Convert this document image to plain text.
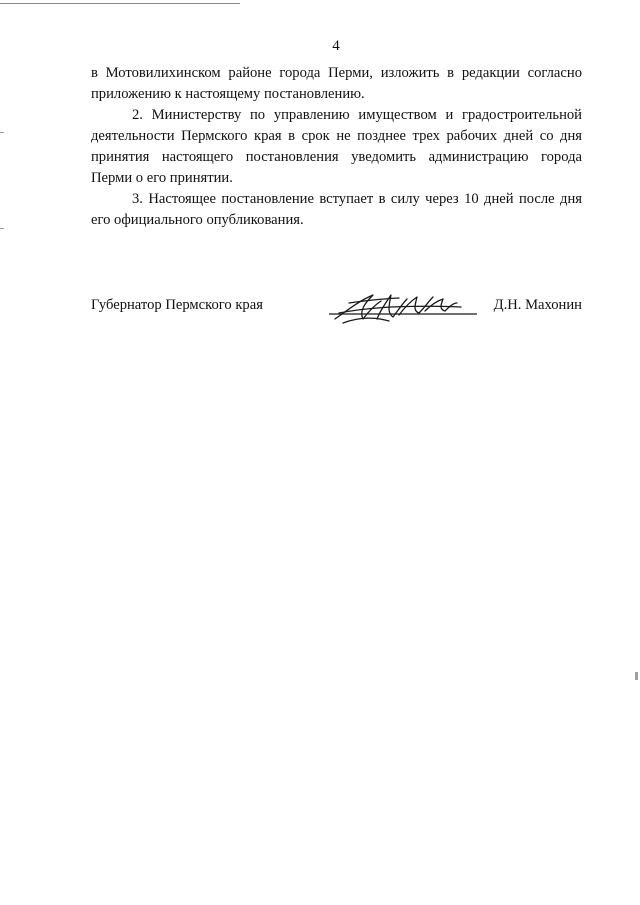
4

в Мотовилихинском районе города Перми, изложить в редакции согласно приложению к настоящему постановлению.

2. Министерству по управлению имуществом и градостроительной деятельности Пермского края в срок не позднее трех рабочих дней со дня принятия настоящего постановления уведомить администрацию города Перми о его принятии.

3. Настоящее постановление вступает в силу через 10 дней после дня его официального опубликования.

Губернатор Пермского края	Д.Н. Махонин
